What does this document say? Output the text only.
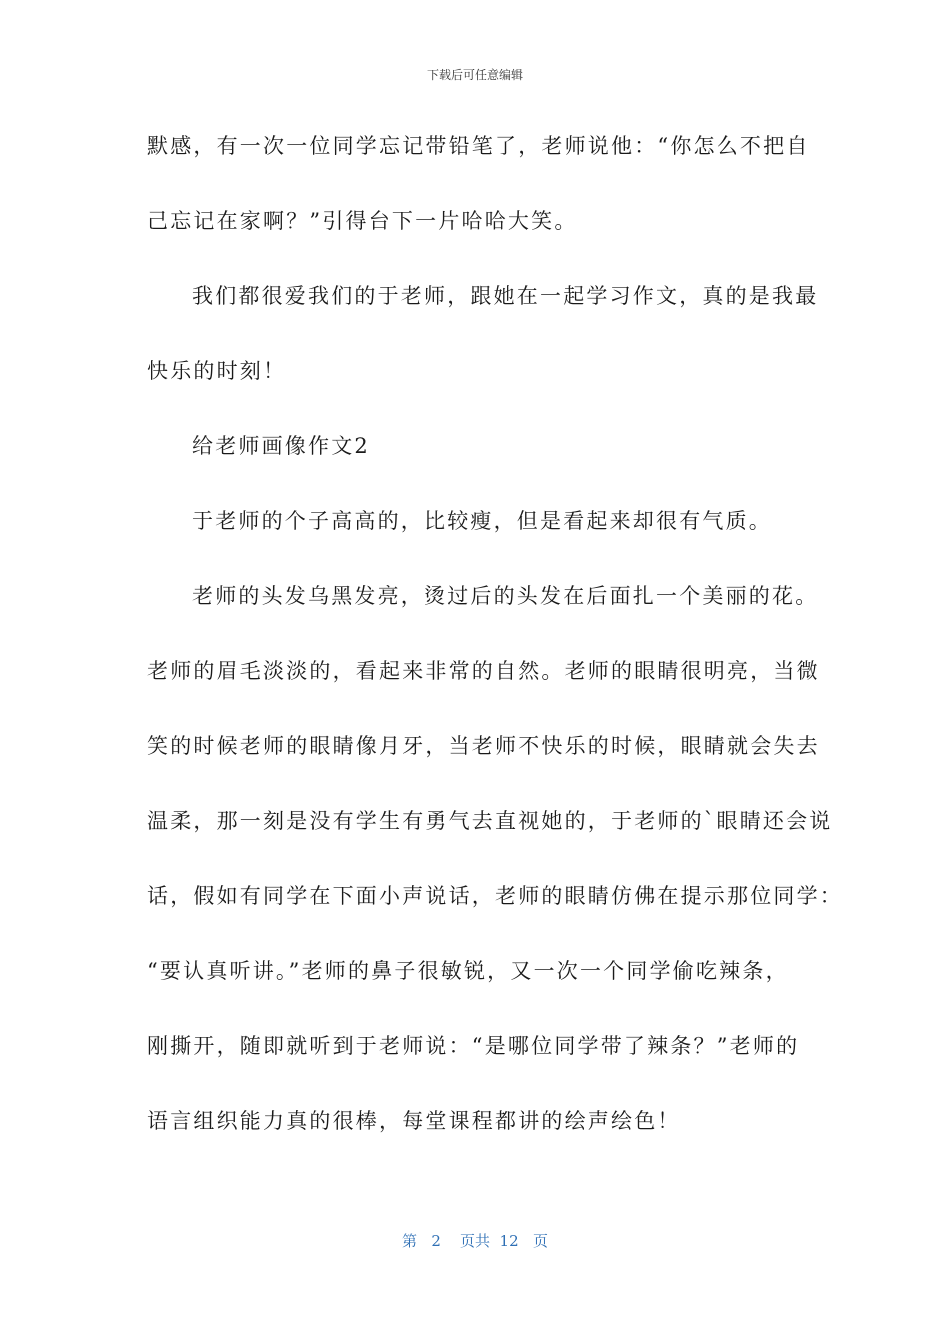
下载后可任意编辑
默感，有一次一位同学忘记带铅笔了，老师说他：“你怎么不把自
己忘记在家啊？”引得台下一片哈哈大笑。
我们都很爱我们的于老师，跟她在一起学习作文，真的是我最
快乐的时刻！
给老师画像作文2
于老师的个子高高的，比较瘦，但是看起来却很有气质。
老师的头发乌黑发亮，烫过后的头发在后面扎一个美丽的花。
老师的眉毛淡淡的，看起来非常的自然。老师的眼睛很明亮，当微
笑的时候老师的眼睛像月牙，当老师不快乐的时候，眼睛就会失去
温柔，那一刻是没有学生有勇气去直视她的，于老师的`眼睛还会说
话，假如有同学在下面小声说话，老师的眼睛仿佛在提示那位同学：
“要认真听讲。”老师的鼻子很敏锐，又一次一个同学偷吃辣条，
刚撕开，随即就听到于老师说：“是哪位同学带了辣条？”老师的
语言组织能力真的很棒，每堂课程都讲的绘声绘色！
第 2 页共 12 页
